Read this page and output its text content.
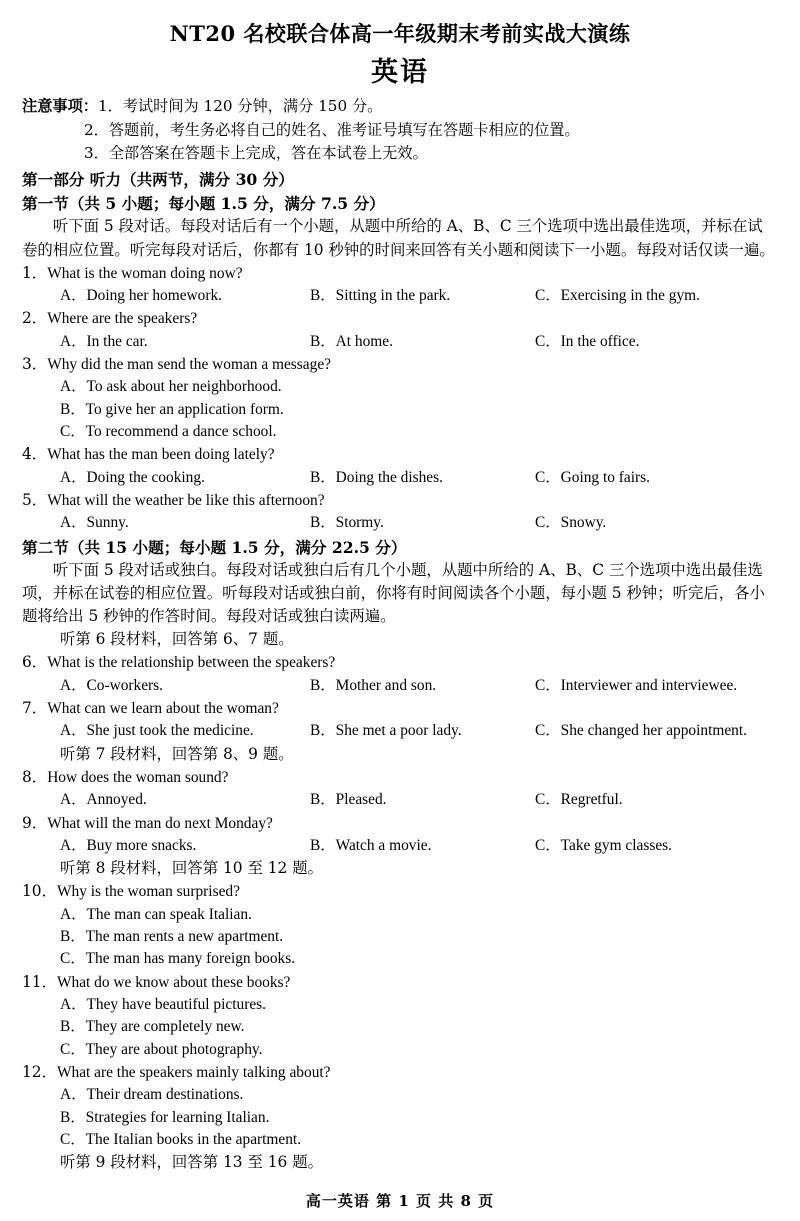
NT20 名校联合体高一年级期末考前实战大演练
英语
注意事项：1．考试时间为 120 分钟，满分 150 分。
2．答题前，考生务必将自己的姓名、准考证号填写在答题卡相应的位置。
3．全部答案在答题卡上完成，答在本试卷上无效。
第一部分 听力（共两节，满分 30 分）
第一节（共 5 小题；每小题 1.5 分，满分 7.5 分）
听下面 5 段对话。每段对话后有一个小题，从题中所给的 A、B、C 三个选项中选出最佳选项，并标在试卷的相应位置。听完每段对话后，你都有 10 秒钟的时间来回答有关小题和阅读下一小题。每段对话仅读一遍。
1．What is the woman doing now?
A．Doing her homework.	B．Sitting in the park.	C．Exercising in the gym.
2．Where are the speakers?
A．In the car.	B．At home.	C．In the office.
3．Why did the man send the woman a message?
A．To ask about her neighborhood.
B．To give her an application form.
C．To recommend a dance school.
4．What has the man been doing lately?
A．Doing the cooking.	B．Doing the dishes.	C．Going to fairs.
5．What will the weather be like this afternoon?
A．Sunny.	B．Stormy.	C．Snowy.
第二节（共 15 小题；每小题 1.5 分，满分 22.5 分）
听下面 5 段对话或独白。每段对话或独白后有几个小题，从题中所给的 A、B、C 三个选项中选出最佳选项，并标在试卷的相应位置。听每段对话或独白前，你将有时间阅读各个小题，每小题 5 秒钟；听完后，各小题将给出 5 秒钟的作答时间。每段对话或独白读两遍。
听第 6 段材料，回答第 6、7 题。
6．What is the relationship between the speakers?
A．Co-workers.	B．Mother and son.	C．Interviewer and interviewee.
7．What can we learn about the woman?
A．She just took the medicine.	B．She met a poor lady.	C．She changed her appointment.
听第 7 段材料，回答第 8、9 题。
8．How does the woman sound?
A．Annoyed.	B．Pleased.	C．Regretful.
9．What will the man do next Monday?
A．Buy more snacks.	B．Watch a movie.	C．Take gym classes.
听第 8 段材料，回答第 10 至 12 题。
10．Why is the woman surprised?
A．The man can speak Italian.
B．The man rents a new apartment.
C．The man has many foreign books.
11．What do we know about these books?
A．They have beautiful pictures.
B．They are completely new.
C．They are about photography.
12．What are the speakers mainly talking about?
A．Their dream destinations.
B．Strategies for learning Italian.
C．The Italian books in the apartment.
听第 9 段材料，回答第 13 至 16 题。
高一英语 第 1 页 共 8 页
